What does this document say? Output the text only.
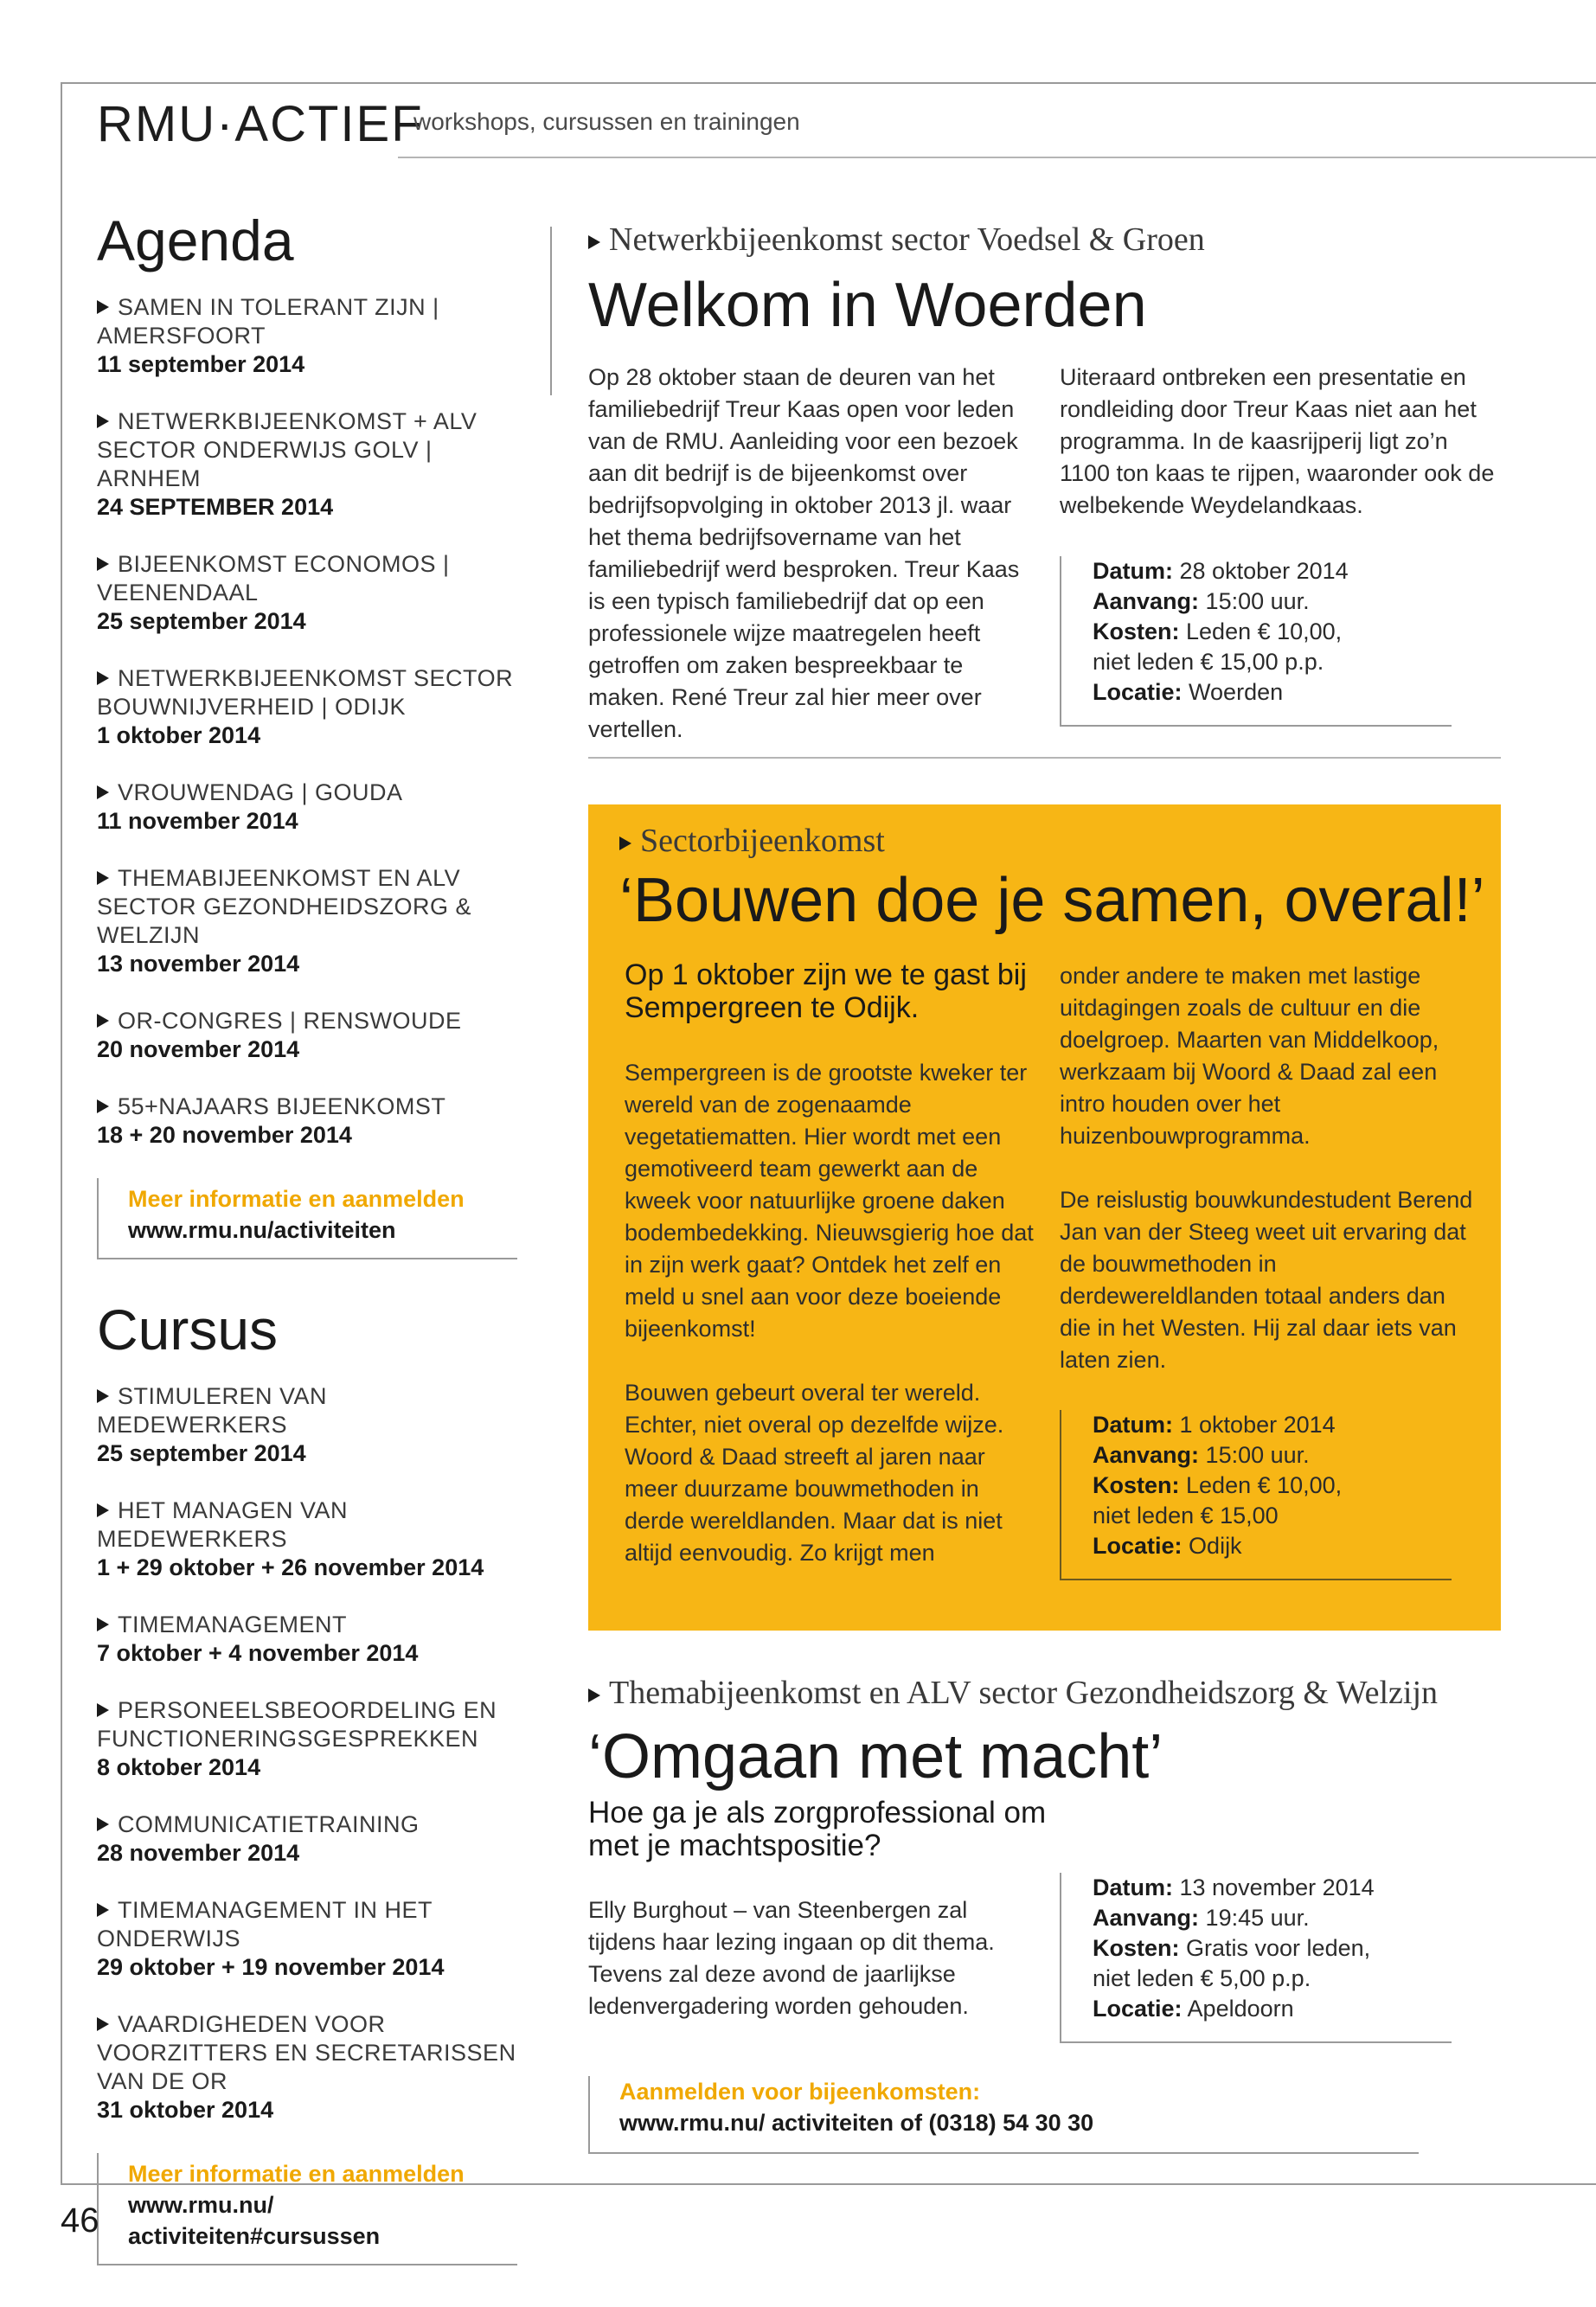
RMU·ACTIEF
workshops, cursussen en trainingen
Agenda
SAMEN IN TOLERANT ZIJN | AMERSFOORT
11 september 2014
NETWERKBIJEENKOMST + ALV SECTOR ONDERWIJS GOLV | ARNHEM
24 SEPTEMBER 2014
BIJEENKOMST ECONOMOS | VEENENDAAL
25 september 2014
NETWERKBIJEENKOMST SECTOR BOUWNIJVERHEID | ODIJK
1 oktober 2014
VROUWENDAG | GOUDA
11 november 2014
THEMABIJEENKOMST EN ALV SECTOR GEZONDHEIDSZORG & WELZIJN
13 november 2014
OR-CONGRES | RENSWOUDE
20 november 2014
55+NAJAARS BIJEENKOMST
18 + 20 november 2014
Meer informatie en aanmelden
www.rmu.nu/activiteiten
Cursus
STIMULEREN VAN MEDEWERKERS
25 september 2014
HET MANAGEN VAN MEDEWERKERS
1 + 29 oktober + 26 november 2014
TIMEMANAGEMENT
7 oktober + 4 november 2014
PERSONEELSBEOORDELING EN FUNCTIONERINGSGESPREKKEN
8 oktober 2014
COMMUNICATIETRAINING
28 november 2014
TIMEMANAGEMENT IN HET ONDERWIJS
29 oktober + 19 november 2014
VAARDIGHEDEN VOOR VOORZITTERS EN SECRETARISSEN VAN DE OR
31 oktober 2014
Meer informatie en aanmelden
www.rmu.nu/
activiteiten#cursussen
Netwerkbijeenkomst sector Voedsel & Groen
Welkom in Woerden
Op 28 oktober staan de deuren van het familiebedrijf Treur Kaas open voor leden van de RMU. Aanleiding voor een bezoek aan dit bedrijf is de bijeenkomst over bedrijfsopvolging in oktober 2013 jl. waar het thema bedrijfsovername van het familiebedrijf werd besproken. Treur Kaas is een typisch familiebedrijf dat op een professionele wijze maatregelen heeft getroffen om zaken bespreekbaar te maken. René Treur zal hier meer over vertellen.
Uiteraard ontbreken een presentatie en rondleiding door Treur Kaas niet aan het programma. In de kaasrijperij ligt zo’n 1100 ton kaas te rijpen, waaronder ook de welbekende Weydelandkaas.
Datum: 28 oktober 2014
Aanvang: 15:00 uur.
Kosten: Leden € 10,00,
niet leden € 15,00 p.p.
Locatie: Woerden
Sectorbijeenkomst
‘Bouwen doe je samen, overal!’
Op 1 oktober zijn we te gast bij Sempergreen te Odijk.
Sempergreen is de grootste kweker ter wereld van de zogenaamde vegetatiematten. Hier wordt met een gemotiveerd team gewerkt aan de kweek voor natuurlijke groene daken bodembedekking. Nieuwsgierig hoe dat in zijn werk gaat? Ontdek het zelf en meld u snel aan voor deze boeiende bijeenkomst!
Bouwen gebeurt overal ter wereld. Echter, niet overal op dezelfde wijze. Woord & Daad streeft al jaren naar meer duurzame bouwmethoden in derde wereldlanden. Maar dat is niet altijd eenvoudig. Zo krijgt men
onder andere te maken met lastige uitdagingen zoals de cultuur en die doelgroep. Maarten van Middelkoop, werkzaam bij Woord & Daad zal een intro houden over het huizenbouwprogramma.
De reislustig bouwkundestudent Berend Jan van der Steeg weet uit ervaring dat de bouwmethoden in derdewereldlanden totaal anders dan die in het Westen. Hij zal daar iets van laten zien.
Datum: 1 oktober 2014
Aanvang: 15:00 uur.
Kosten: Leden € 10,00,
niet leden € 15,00
Locatie: Odijk
Themabijeenkomst en ALV sector Gezondheidszorg & Welzijn
‘Omgaan met macht’
Hoe ga je als zorgprofessional om met je machtspositie?
Elly Burghout – van Steenbergen zal tijdens haar lezing ingaan op dit thema. Tevens zal deze avond de jaarlijkse ledenvergadering worden gehouden.
Datum: 13 november 2014
Aanvang: 19:45 uur.
Kosten: Gratis voor leden,
niet leden € 5,00 p.p.
Locatie: Apeldoorn
Aanmelden voor bijeenkomsten:
www.rmu.nu/ activiteiten of (0318) 54 30 30
46
